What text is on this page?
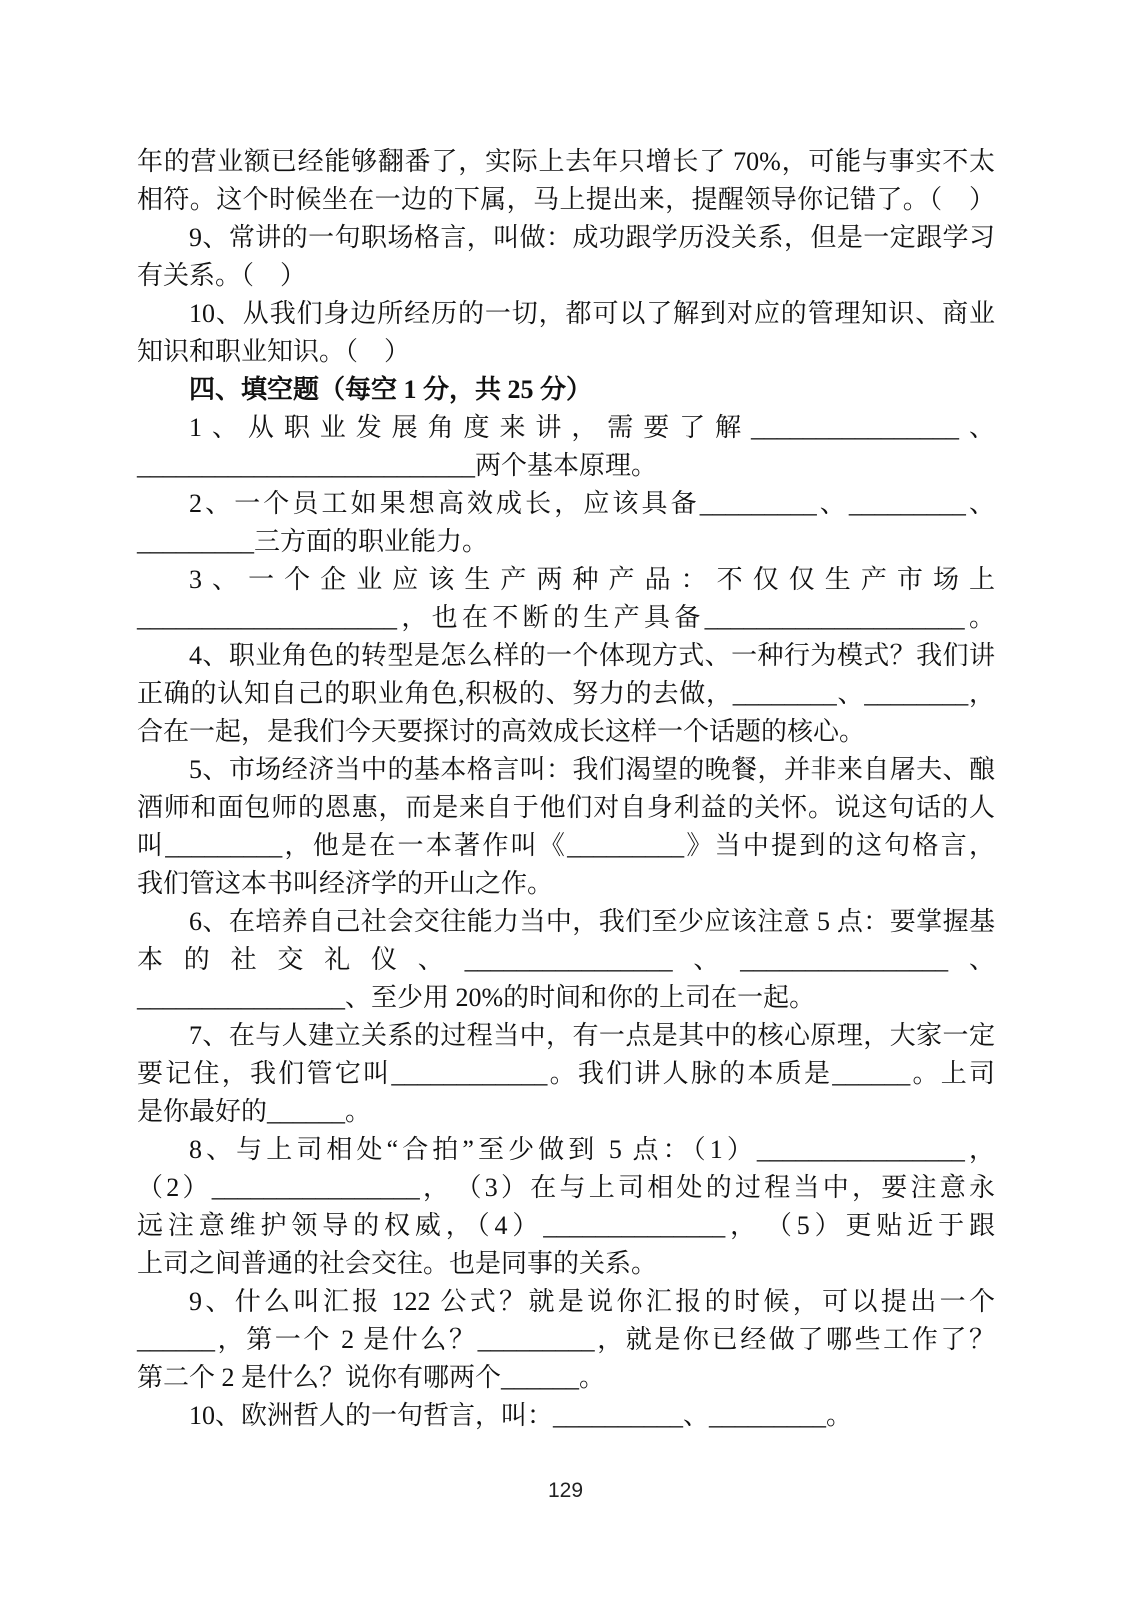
年的营业额已经能够翻番了，实际上去年只增长了 70%，可能与事实不太
相符。这个时候坐在一边的下属，马上提出来，提醒领导你记错了。（　）
9、常讲的一句职场格言，叫做：成功跟学历没关系，但是一定跟学习
有关系。（　）
10、从我们身边所经历的一切，都可以了解到对应的管理知识、商业
知识和职业知识。（　）
四、填空题（每空 1 分，共 25 分）
1、从职业发展角度来讲，需要了解________________、
__________________________两个基本原理。
2、一个员工如果想高效成长，应该具备_________、_________、
_________三方面的职业能力。
3、一个企业应该生产两种产品：不仅仅生产市场上
____________________，也在不断的生产具备____________________。
4、职业角色的转型是怎么样的一个体现方式、一种行为模式？我们讲
正确的认知自己的职业角色,积极的、努力的去做，________、________，
合在一起，是我们今天要探讨的高效成长这样一个话题的核心。
5、市场经济当中的基本格言叫：我们渴望的晚餐，并非来自屠夫、酿
酒师和面包师的恩惠，而是来自于他们对自身利益的关怀。说这句话的人
叫_________，他是在一本著作叫《_________》当中提到的这句格言，
我们管这本书叫经济学的开山之作。
6、在培养自己社会交往能力当中，我们至少应该注意 5 点：要掌握基
本的社交礼仪、________________、________________、
________________、至少用 20%的时间和你的上司在一起。
7、在与人建立关系的过程当中，有一点是其中的核心原理，大家一定
要记住，我们管它叫____________。我们讲人脉的本质是______。上司
是你最好的______。
8、与上司相处“合拍”至少做到 5 点：（1）________________，
（2）________________，　（3）在与上司相处的过程当中，要注意永
远注意维护领导的权威，（4）______________，　（5）更贴近于跟
上司之间普通的社会交往。也是同事的关系。
9、什么叫汇报 122 公式？就是说你汇报的时候，可以提出一个
______，第一个 2 是什么？_________，就是你已经做了哪些工作了？
第二个 2 是什么？说你有哪两个______。
10、欧洲哲人的一句哲言，叫：__________、_________。
129
